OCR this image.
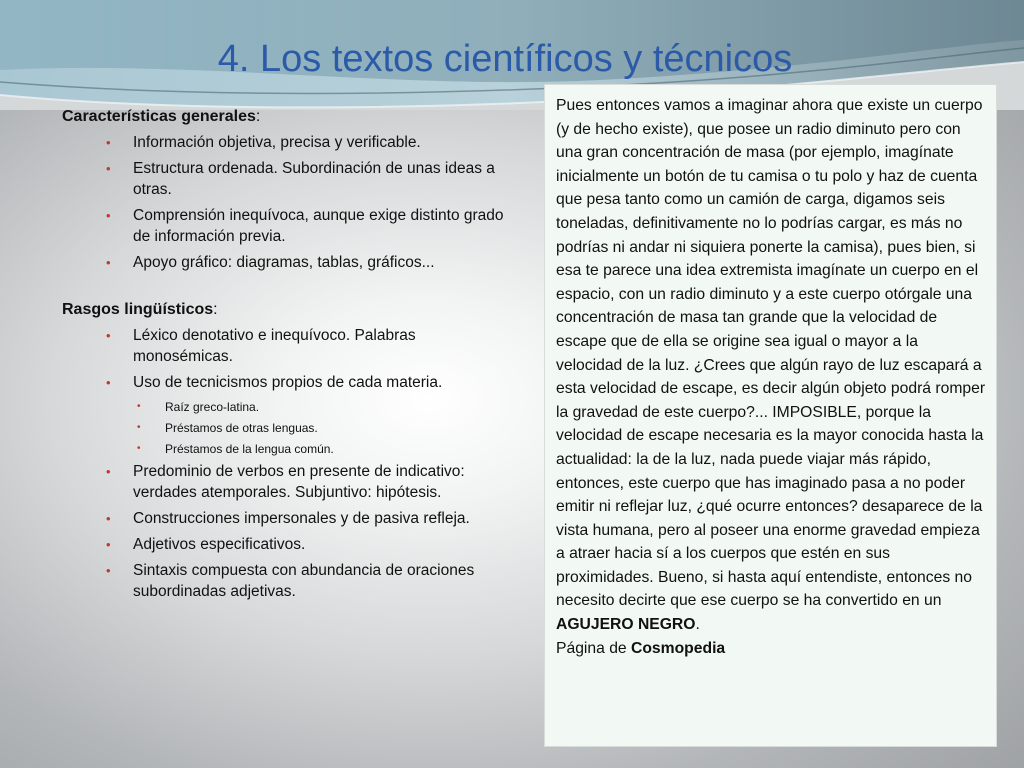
4. Los textos científicos y técnicos

Características generales:

• Información objetiva, precisa y verificable.
• Estructura ordenada. Subordinación de unas ideas a otras.
• Comprensión inequívoca, aunque exige distinto grado de información previa.
• Apoyo gráfico: diagramas, tablas, gráficos...

Rasgos lingüísticos:

• Léxico denotativo e inequívoco. Palabras monosémicas.
• Uso de tecnicismos propios de cada materia.
• Raíz greco-latina.
• Préstamos de otras lenguas.
• Préstamos de la lengua común.
• Predominio de verbos en presente de indicativo: verdades atemporales. Subjuntivo: hipótesis.
• Construcciones impersonales y de pasiva refleja.
• Adjetivos especificativos.
• Sintaxis compuesta con abundancia de oraciones subordinadas adjetivas.
Pues entonces vamos a imaginar ahora que existe un cuerpo (y de hecho existe), que posee un radio diminuto pero con una gran concentración de masa (por ejemplo, imagínate inicialmente un botón de tu camisa o tu polo y haz de cuenta que pesa tanto como un camión de carga, digamos seis toneladas, definitivamente no lo podrías cargar, es más no podrías ni andar ni siquiera ponerte la camisa), pues bien, si esa te parece una idea extremista imagínate un cuerpo en el espacio, con un radio diminuto y a este cuerpo otórgale una concentración de masa tan grande que la velocidad de escape que de ella se origine sea igual o mayor a la velocidad de la luz. ¿Crees que algún rayo de luz escapará a esta velocidad de escape, es decir algún objeto podrá romper la gravedad de este cuerpo?... IMPOSIBLE, porque la velocidad de escape necesaria es la mayor conocida hasta la actualidad: la de la luz, nada puede viajar más rápido, entonces, este cuerpo que has imaginado pasa a no poder emitir ni reflejar luz, ¿qué ocurre entonces? desaparece de la vista humana, pero al poseer una enorme gravedad empieza a atraer hacia sí a los cuerpos que estén en sus proximidades. Bueno, si hasta aquí entendiste, entonces no necesito decirte que ese cuerpo se ha convertido en un AGUJERO NEGRO.
Página de Cosmopedia
